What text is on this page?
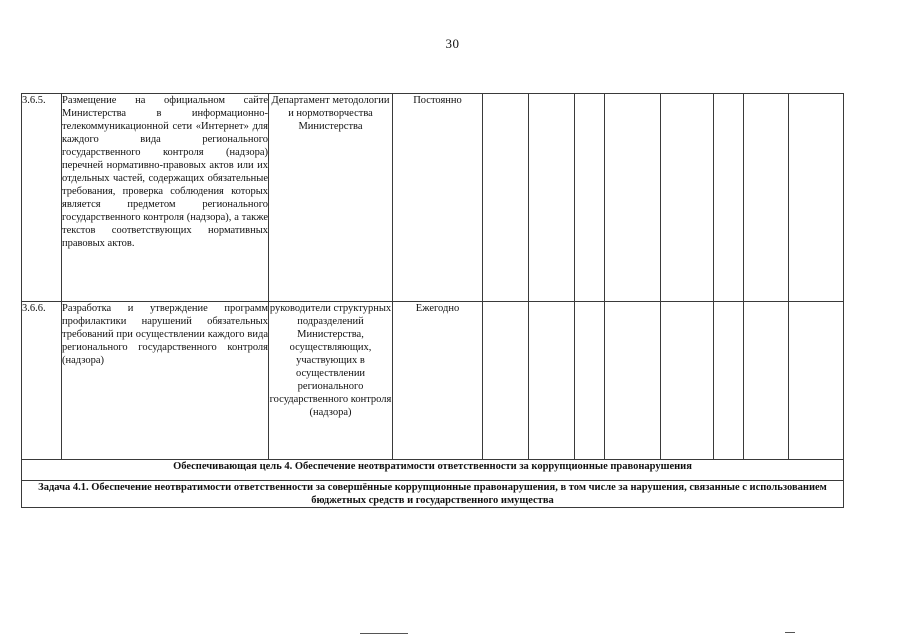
30
3.6.5.	Размещение на официальном сайте Министерства в информационно-телекоммуникационной сети «Интернет» для каждого вида регионального государственного контроля (надзора) перечней нормативно-правовых актов или их отдельных частей, содержащих обязательные требования, проверка соблюдения которых является предметом регионального государственного контроля (надзора), а также текстов соответствующих нормативных правовых актов.	Департамент методологии и нормотворчества Министерства	Постоянно								
3.6.6.	Разработка и утверждение программ профилактики нарушений обязательных требований при осуществлении каждого вида регионального государственного контроля (надзора)	руководители структурных подразделений Министерства, осуществляющих, участвующих в осуществлении регионального государственного контроля (надзора)	Ежегодно								
Обеспечивающая цель 4. Обеспечение неотвратимости ответственности за коррупционные правонарушения											
Задача 4.1. Обеспечение неотвратимости ответственности за совершённые коррупционные правонарушения, в том числе за нарушения, связанные с использованием бюджетных средств и государственного имущества											
